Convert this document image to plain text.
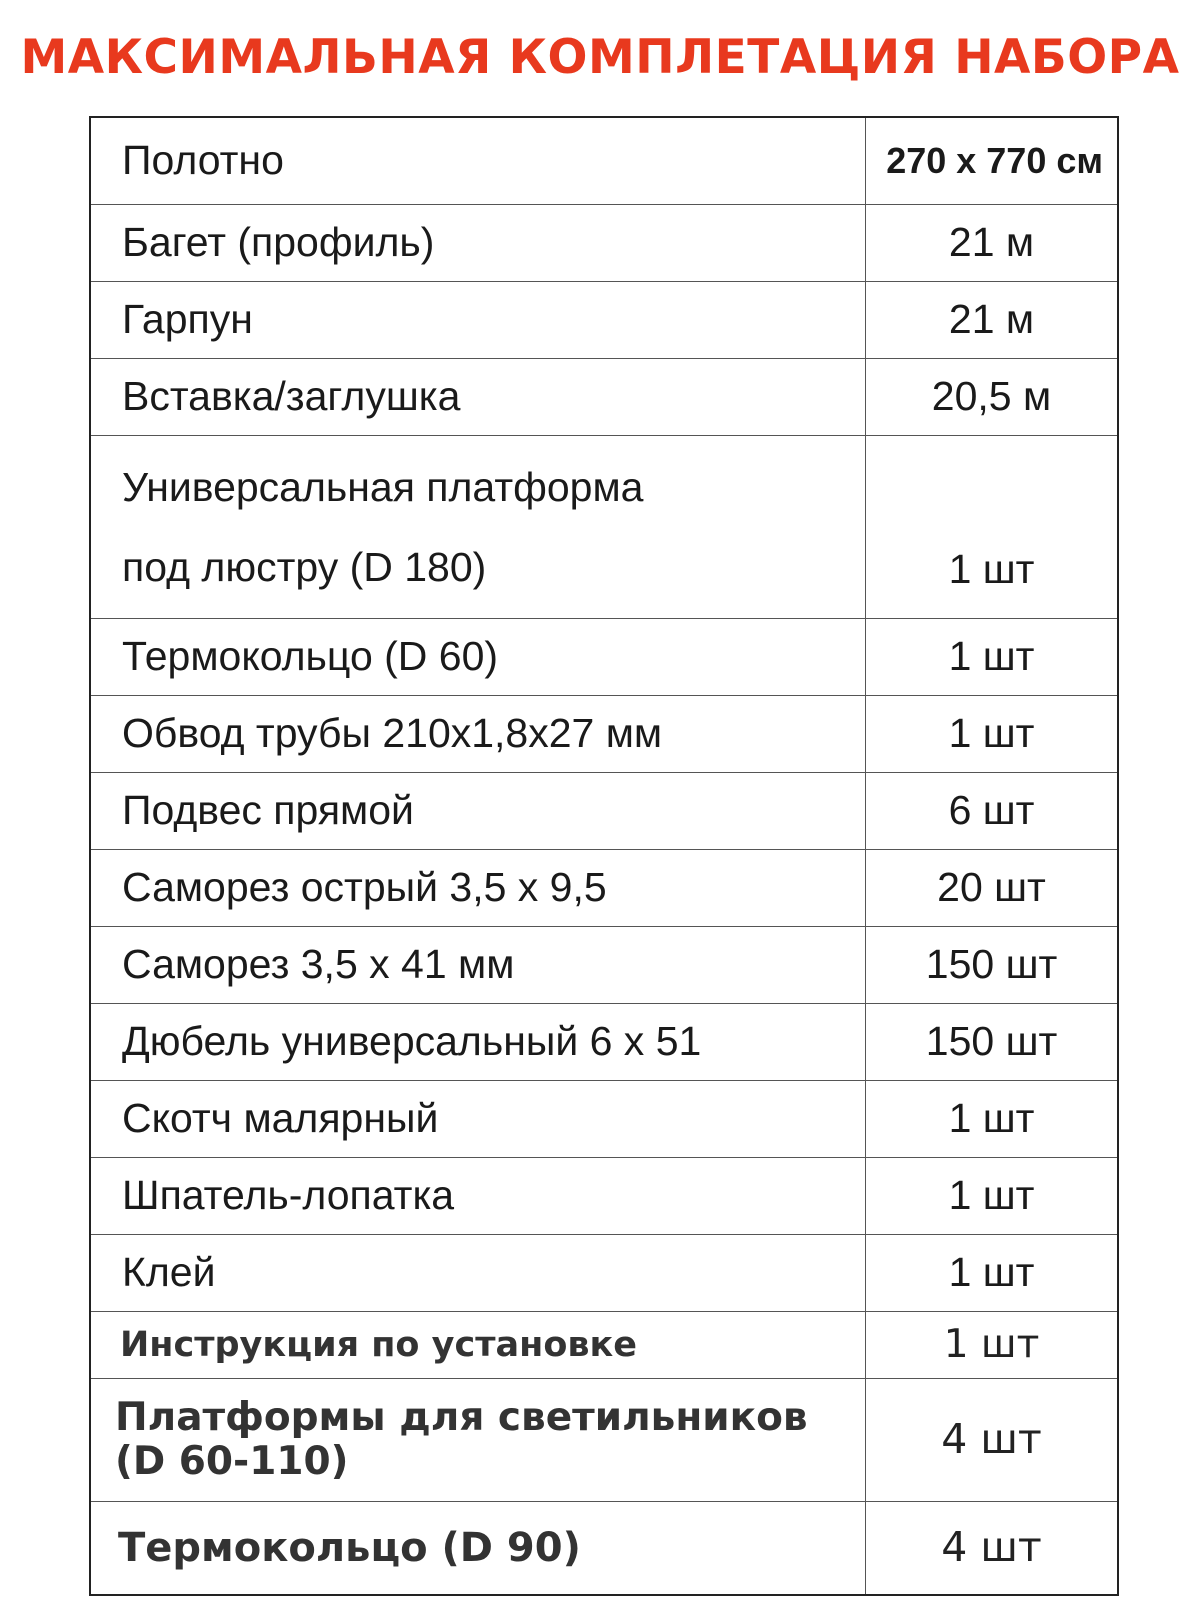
МАКСИМАЛЬНАЯ КОМПЛЕТАЦИЯ НАБОРА
Полотно	270 x 770 см
Багет (профиль)	21 м
Гарпун	21 м
Вставка/заглушка	20,5 м

Универсальная платформа
под люстру (D 180)	1 шт
Термокольцо (D 60)	1 шт
Обвод трубы 210х1,8х27 мм	1 шт
Подвес прямой	6 шт
Саморез острый 3,5 х 9,5	20 шт
Саморез 3,5 х 41 мм	150 шт
Дюбель универсальный 6 х 51	150 шт
Скотч малярный	1 шт
Шпатель-лопатка	1 шт
Клей	1 шт
Инструкция по установке	1 шт

Платформы для светильников
(D 60-110)	4 шт
Термокольцо (D 90)	4 шт
